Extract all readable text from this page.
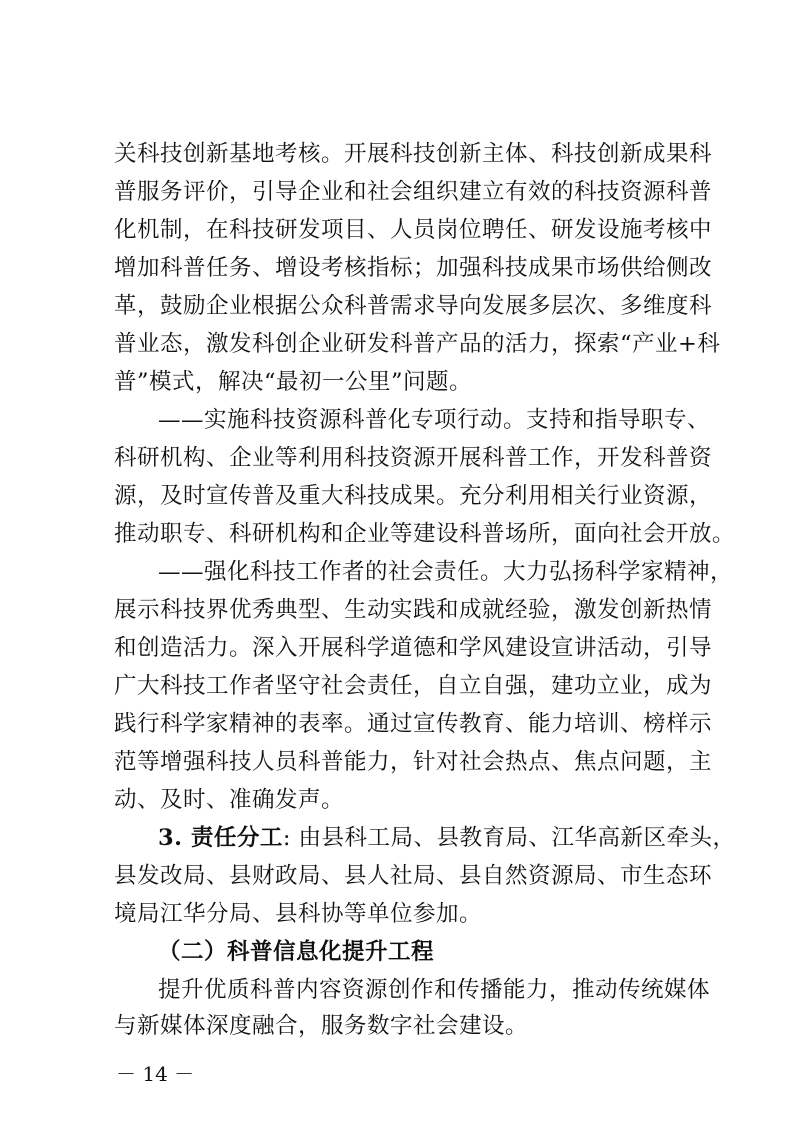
关科技创新基地考核。开展科技创新主体、科技创新成果科
普服务评价，引导企业和社会组织建立有效的科技资源科普
化机制，在科技研发项目、人员岗位聘任、研发设施考核中
增加科普任务、增设考核指标；加强科技成果市场供给侧改
革，鼓励企业根据公众科普需求导向发展多层次、多维度科
普业态，激发科创企业研发科普产品的活力，探索“产业+科
普”模式，解决“最初一公里”问题。
——实施科技资源科普化专项行动。支持和指导职专、
科研机构、企业等利用科技资源开展科普工作，开发科普资
源，及时宣传普及重大科技成果。充分利用相关行业资源，
推动职专、科研机构和企业等建设科普场所，面向社会开放。
——强化科技工作者的社会责任。大力弘扬科学家精神，
展示科技界优秀典型、生动实践和成就经验，激发创新热情
和创造活力。深入开展科学道德和学风建设宣讲活动，引导
广大科技工作者坚守社会责任，自立自强，建功立业，成为
践行科学家精神的表率。通过宣传教育、能力培训、榜样示
范等增强科技人员科普能力，针对社会热点、焦点问题，主
动、及时、准确发声。
3. 责任分工: 由县科工局、县教育局、江华高新区牵头，
县发改局、县财政局、县人社局、县自然资源局、市生态环
境局江华分局、县科协等单位参加。
（二）科普信息化提升工程
提升优质科普内容资源创作和传播能力，推动传统媒体
与新媒体深度融合，服务数字社会建设。
－ 14 －
